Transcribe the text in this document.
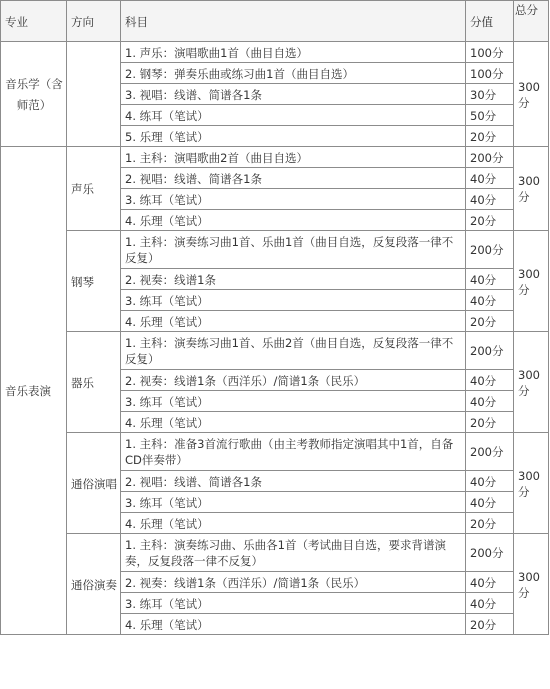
专业	方向	科目	分值	总分
音乐学（含师范）		1. 声乐：演唱歌曲1首（曲目自选）	100分	300分
		2. 钢琴：弹奏乐曲或练习曲1首（曲目自选）	100分	
		3. 视唱：线谱、简谱各1条	30分	
		4. 练耳（笔试）	50分	
		5. 乐理（笔试）	20分	
音乐表演	声乐	1. 主科：演唱歌曲2首（曲目自选）	200分	300分
		2. 视唱：线谱、简谱各1条	40分	
		3. 练耳（笔试）	40分	
		4. 乐理（笔试）	20分	
	钢琴	1. 主科：演奏练习曲1首、乐曲1首（曲目自选，反复段落一律不反复）	200分	300分
		2. 视奏：线谱1条	40分	
		3. 练耳（笔试）	40分	
		4. 乐理（笔试）	20分	
	器乐	1. 主科：演奏练习曲1首、乐曲2首（曲目自选，反复段落一律不反复）	200分	300分
		2. 视奏：线谱1条（西洋乐）/简谱1条（民乐）	40分	
		3. 练耳（笔试）	40分	
		4. 乐理（笔试）	20分	
	通俗演唱	1. 主科：准备3首流行歌曲（由主考教师指定演唱其中1首，自备CD伴奏带）	200分	300分
		2. 视唱：线谱、简谱各1条	40分	
		3. 练耳（笔试）	40分	
		4. 乐理（笔试）	20分	
	通俗演奏	1. 主科：演奏练习曲、乐曲各1首（考试曲目自选，要求背谱演奏，反复段落一律不反复）	200分	300分
		2. 视奏：线谱1条（西洋乐）/简谱1条（民乐）	40分	
		3. 练耳（笔试）	40分	
		4. 乐理（笔试）	20分	
